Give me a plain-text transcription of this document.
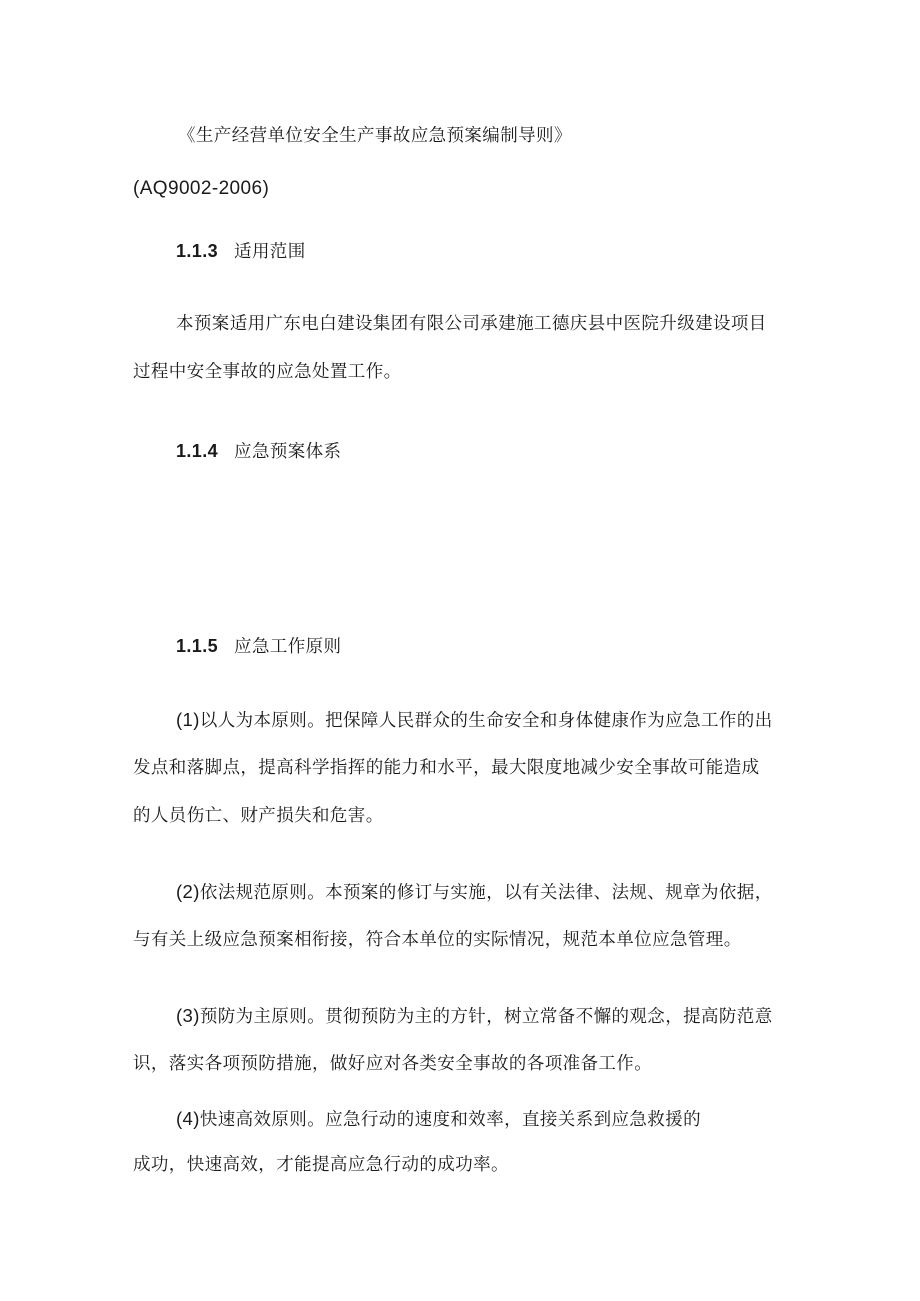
《生产经营单位安全生产事故应急预案编制导则》

(AQ9002-2006)

1.1.3 适用范围

本预案适用广东电白建设集团有限公司承建施工德庆县中医院升级建设项目

过程中安全事故的应急处置工作。

1.1.4 应急预案体系
1.1.5 应急工作原则
(1)以人为本原则。把保障人民群众的生命安全和身体健康作为应急工作的出

发点和落脚点，提高科学指挥的能力和水平，最大限度地减少安全事故可能造成

的人员伤亡、财产损失和危害。

(2)依法规范原则。本预案的修订与实施，以有关法律、法规、规章为依据，

与有关上级应急预案相衔接，符合本单位的实际情况，规范本单位应急管理。

(3)预防为主原则。贯彻预防为主的方针，树立常备不懈的观念，提高防范意

识，落实各项预防措施，做好应对各类安全事故的各项准备工作。

(4)快速高效原则。应急行动的速度和效率，直接关系到应急救援的

成功，快速高效，才能提高应急行动的成功率。
